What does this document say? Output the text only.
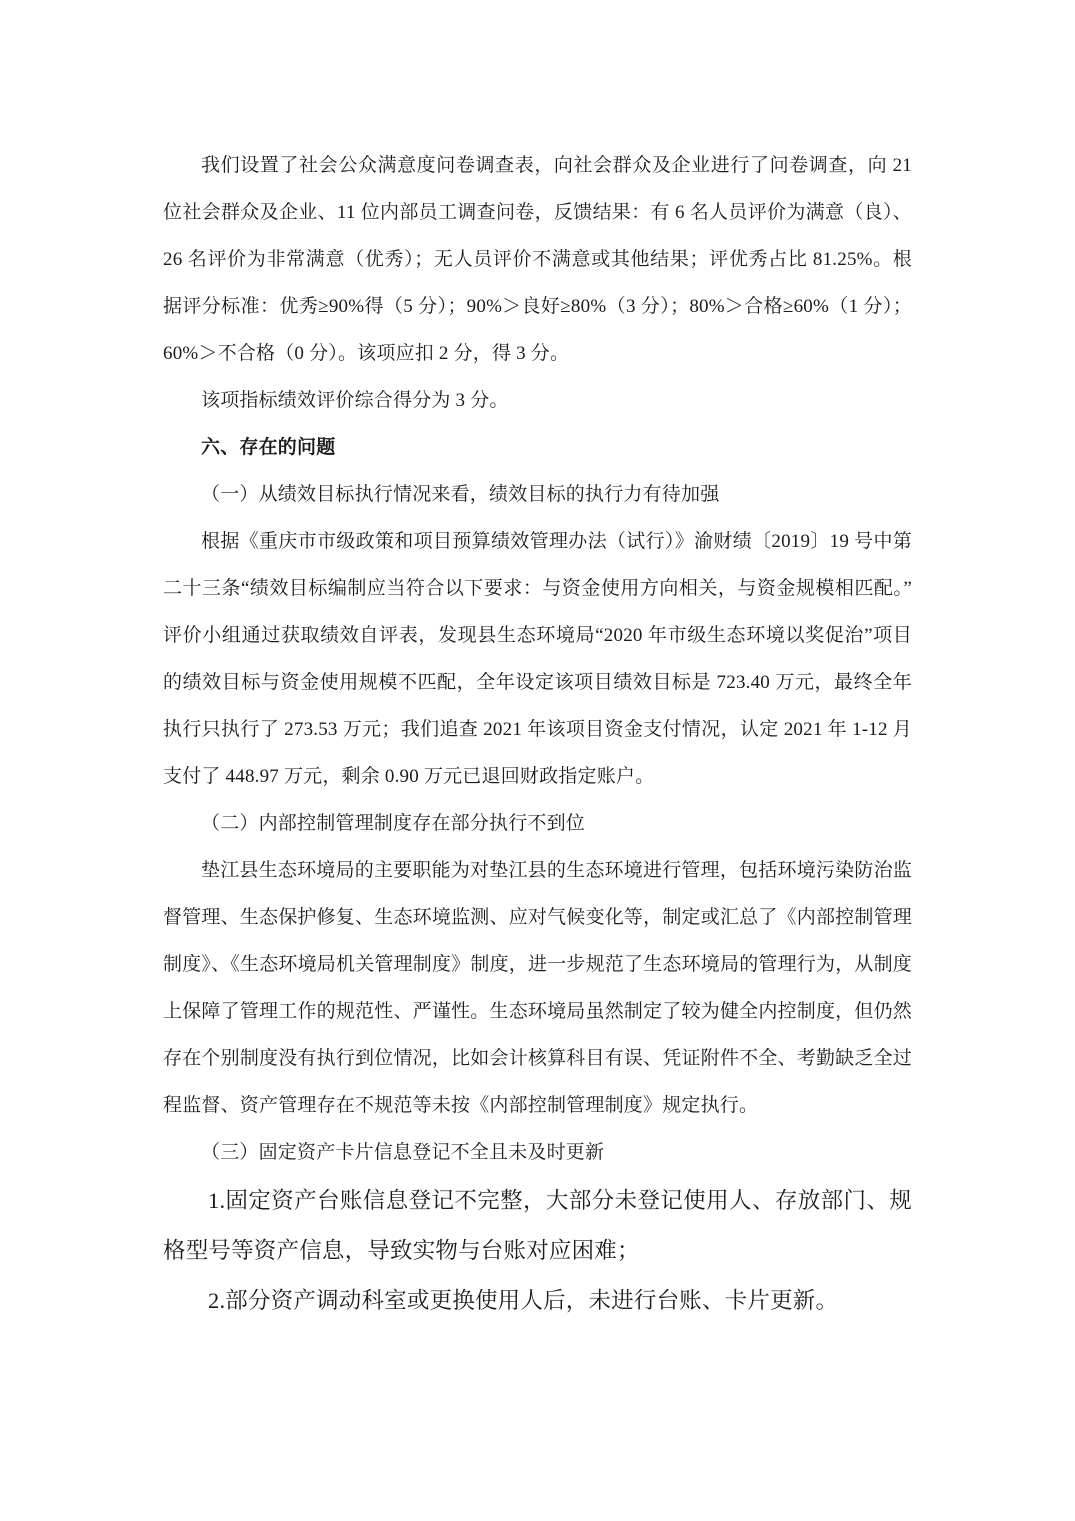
我们设置了社会公众满意度问卷调查表，向社会群众及企业进行了问卷调查，向 21 位社会群众及企业、11 位内部员工调查问卷，反馈结果：有 6 名人员评价为满意（良）、26 名评价为非常满意（优秀）；无人员评价不满意或其他结果；评优秀占比 81.25%。根据评分标准：优秀≥90%得（5 分）；90%＞良好≥80%（3 分）；80%＞合格≥60%（1 分）；60%＞不合格（0 分）。该项应扣 2 分，得 3 分。

该项指标绩效评价综合得分为 3 分。

六、存在的问题

（一）从绩效目标执行情况来看，绩效目标的执行力有待加强

根据《重庆市市级政策和项目预算绩效管理办法（试行）》渝财绩〔2019〕19 号中第二十三条“绩效目标编制应当符合以下要求：与资金使用方向相关，与资金规模相匹配。”评价小组通过获取绩效自评表，发现县生态环境局“2020 年市级生态环境以奖促治”项目的绩效目标与资金使用规模不匹配，全年设定该项目绩效目标是 723.40 万元，最终全年执行只执行了 273.53 万元；我们追查 2021 年该项目资金支付情况，认定 2021 年 1-12 月支付了 448.97 万元，剩余 0.90 万元已退回财政指定账户。

（二）内部控制管理制度存在部分执行不到位

垫江县生态环境局的主要职能为对垫江县的生态环境进行管理，包括环境污染防治监督管理、生态保护修复、生态环境监测、应对气候变化等，制定或汇总了《内部控制管理制度》、《生态环境局机关管理制度》制度，进一步规范了生态环境局的管理行为，从制度上保障了管理工作的规范性、严谨性。生态环境局虽然制定了较为健全内控制度，但仍然存在个别制度没有执行到位情况，比如会计核算科目有误、凭证附件不全、考勤缺乏全过程监督、资产管理存在不规范等未按《内部控制管理制度》规定执行。

（三）固定资产卡片信息登记不全且未及时更新

1.固定资产台账信息登记不完整，大部分未登记使用人、存放部门、规格型号等资产信息，导致实物与台账对应困难；

2.部分资产调动科室或更换使用人后，未进行台账、卡片更新。
